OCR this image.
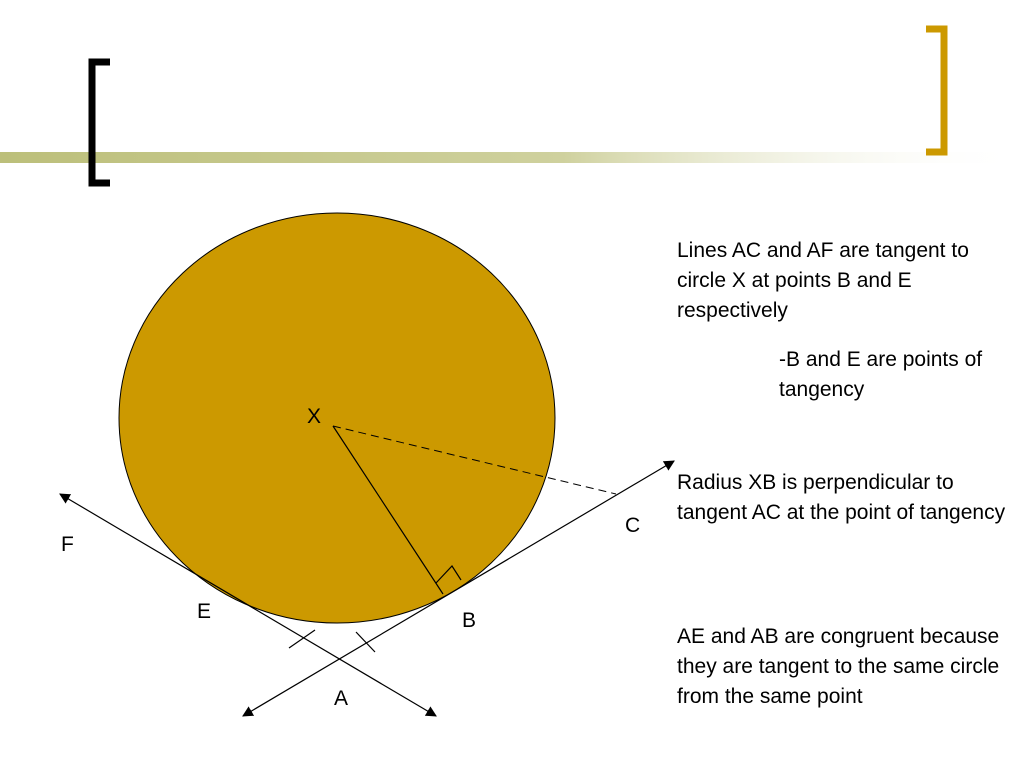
X
F
E
A
B
C

Lines AC and AF are tangent to circle X at points B and E respectively

-B and E are points of tangency

Radius XB is perpendicular to tangent AC at the point of tangency

AE and AB are congruent because they are tangent to the same circle from the same point
